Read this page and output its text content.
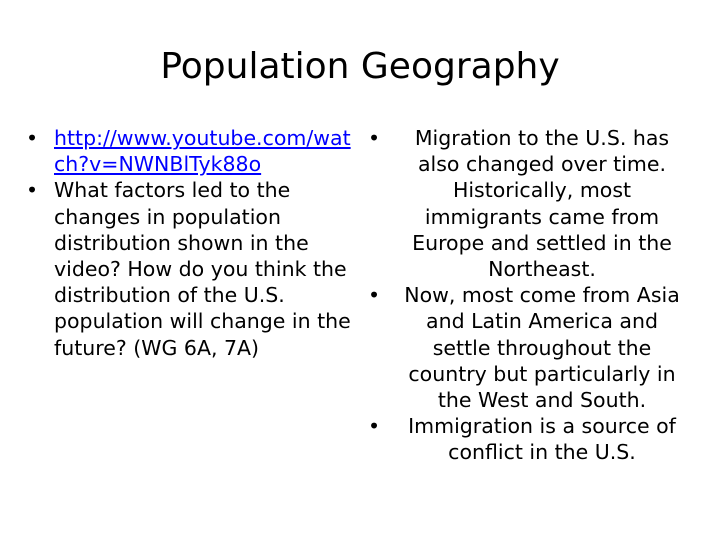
Population Geography
• http://www.youtube.com/watch?v=NWNBlTyk88o
• What factors led to the changes in population distribution shown in the video? How do you think the distribution of the U.S. population will change in the future? (WG 6A, 7A)
•	Migration to the U.S. has also changed over time. Historically, most immigrants came from Europe and settled in the Northeast.
•	Now, most come from Asia and Latin America and settle throughout the country but particularly in the West and South.
•	Immigration is a source of conflict in the U.S.
